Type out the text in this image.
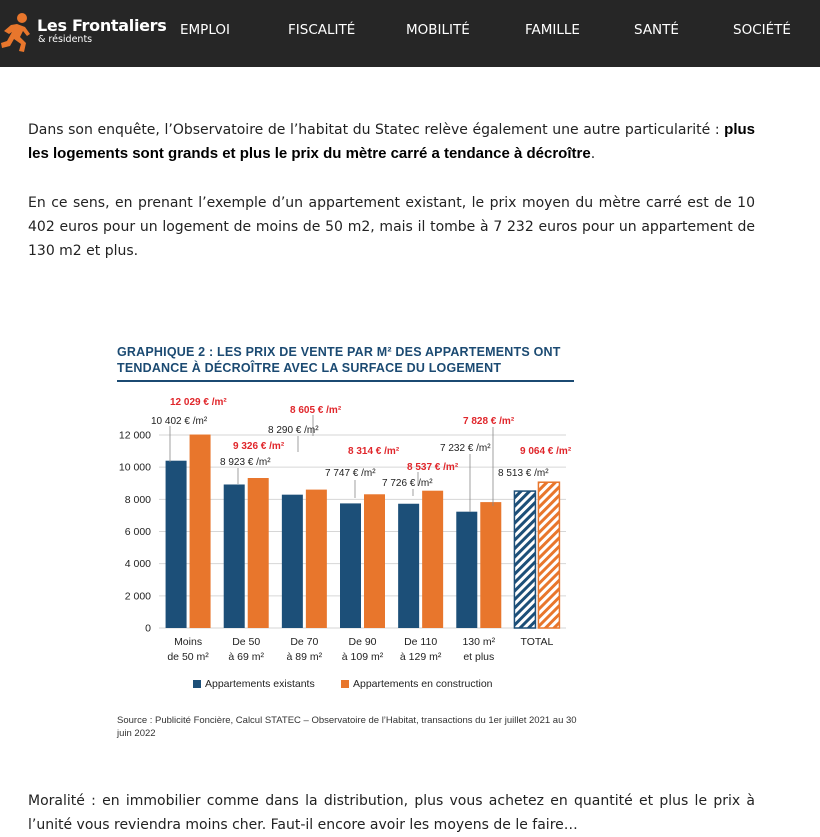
Les Frontaliers
& résidents
EMPLOI	FISCALITÉ	MOBILITÉ	FAMILLE	SANTÉ	SOCIÉTÉ

Dans son enquête, l’Observatoire de l’habitat du Statec relève également une autre particularité : plus les logements sont grands et plus le prix du mètre carré a tendance à décroître.

En ce sens, en prenant l’exemple d’un appartement existant, le prix moyen du mètre carré est de 10 402 euros pour un logement de moins de 50 m2, mais il tombe à 7 232 euros pour un appartement de 130 m2 et plus.

GRAPHIQUE 2 : LES PRIX DE VENTE PAR M² DES APPARTEMENTS ONT TENDANCE À DÉCROÎTRE AVEC LA SURFACE DU LOGEMENT
0
2 000
4 000
6 000
8 000
10 000
12 000
Moins
de 50 m²
De 50
à 69 m²
De 70
à 89 m²
De 90
à 109 m²
De 110
à 129 m²
130 m²
et plus
TOTAL
10 402 € /m²
12 029 € /m²
8 923 € /m²
9 326 € /m²
8 290 € /m²
8 605 € /m²
7 747 € /m²
8 314 € /m²
7 726 € /m²
8 537 € /m²
7 232 € /m²
7 828 € /m²
8 513 € /m²
9 064 € /m²
Appartements existants	Appartements en construction
Source : Publicité Foncière, Calcul STATEC – Observatoire de l’Habitat, transactions du 1er juillet 2021 au 30 juin 2022

Moralité : en immobilier comme dans la distribution, plus vous achetez en quantité et plus le prix à l’unité vous reviendra moins cher. Faut-il encore avoir les moyens de le faire…
